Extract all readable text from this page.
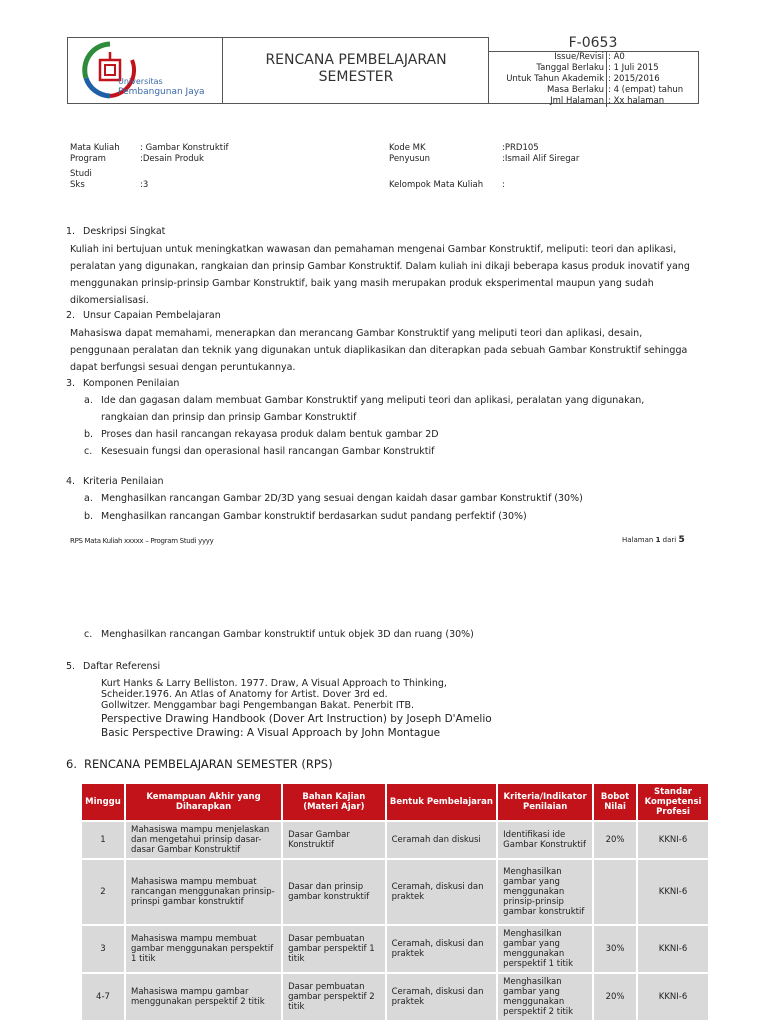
Universitas
Pembangunan Jaya
RENCANA PEMBELAJARAN
SEMESTER
F-0653
Issue/Revisi : A0
Tanggal Berlaku : 1 Juli 2015
Untuk Tahun Akademik : 2015/2016
Masa Berlaku : 4 (empat) tahun
Jml Halaman : Xx halaman
Mata Kuliah : Gambar Konstruktif
Program	:Desain Produk
Studi
Sks	:3
Kode MK	:PRD105
Penyusun	:Ismail Alif Siregar
Kelompok Mata Kuliah :
1. Deskripsi Singkat
Kuliah ini bertujuan untuk meningkatkan wawasan dan pemahaman mengenai Gambar Konstruktif, meliputi: teori dan aplikasi,
peralatan yang digunakan, rangkaian dan prinsip Gambar Konstruktif. Dalam kuliah ini dikaji beberapa kasus produk inovatif yang
menggunakan prinsip-prinsip Gambar Konstruktif, baik yang masih merupakan produk eksperimental maupun yang sudah
dikomersialisasi.
2. Unsur Capaian Pembelajaran
Mahasiswa dapat memahami, menerapkan dan merancang Gambar Konstruktif yang meliputi teori dan aplikasi, desain,
penggunaan peralatan dan teknik yang digunakan untuk diaplikasikan dan diterapkan pada sebuah Gambar Konstruktif sehingga
dapat berfungsi sesuai dengan peruntukannya.
3. Komponen Penilaian
a. Ide dan gagasan dalam membuat Gambar Konstruktif yang meliputi teori dan aplikasi, peralatan yang digunakan,
rangkaian dan prinsip dan prinsip Gambar Konstruktif
b. Proses dan hasil rancangan rekayasa produk dalam bentuk gambar 2D
c. Kesesuain fungsi dan operasional hasil rancangan Gambar Konstruktif
4. Kriteria Penilaian
a. Menghasilkan rancangan Gambar 2D/3D yang sesuai dengan kaidah dasar gambar Konstruktif (30%)
b. Menghasilkan rancangan Gambar konstruktif berdasarkan sudut pandang perfektif (30%)
RPS Mata Kuliah xxxxx – Program Studi yyyy	Halaman 1 dari 5
c. Menghasilkan rancangan Gambar konstruktif untuk objek 3D dan ruang (30%)
5. Daftar Referensi
Kurt Hanks & Larry Belliston. 1977. Draw, A Visual Approach to Thinking,
Scheider.1976. An Atlas of Anatomy for Artist. Dover 3rd ed.
Gollwitzer. Menggambar bagi Pengembangan Bakat. Penerbit ITB.
Perspective Drawing Handbook (Dover Art Instruction) by Joseph D'Amelio
Basic Perspective Drawing: A Visual Approach by John Montague
6. RENCANA PEMBELAJARAN SEMESTER (RPS)
Minggu	Kemampuan Akhir yang Diharapkan	Bahan Kajian (Materi Ajar)	Bentuk Pembelajaran	Kriteria/Indikator Penilaian	Bobot Nilai	Standar Kompetensi Profesi
1	Mahasiswa mampu menjelaskan dan mengetahui prinsip dasar-dasar Gambar Konstruktif	Dasar Gambar Konstruktif	Ceramah dan diskusi	Identifikasi ide Gambar Konstruktif	20%	KKNI-6
2	Mahasiswa mampu membuat rancangan menggunakan prinsip-prinspi gambar konstruktif	Dasar dan prinsip gambar konstruktif	Ceramah, diskusi dan praktek	Menghasilkan gambar yang menggunakan prinsip-prinsip gambar konstruktif		KKNI-6
3	Mahasiswa mampu membuat gambar menggunakan perspektif 1 titik	Dasar pembuatan gambar perspektif 1 titik	Ceramah, diskusi dan praktek	Menghasilkan gambar yang menggunakan perspektif 1 titik	30%	KKNI-6
4-7	Mahasiswa mampu gambar menggunakan perspektif 2 titik	Dasar pembuatan gambar perspektif 2 titik	Ceramah, diskusi dan praktek	Menghasilkan gambar yang menggunakan perspektif 2 titik	20%	KKNI-6
